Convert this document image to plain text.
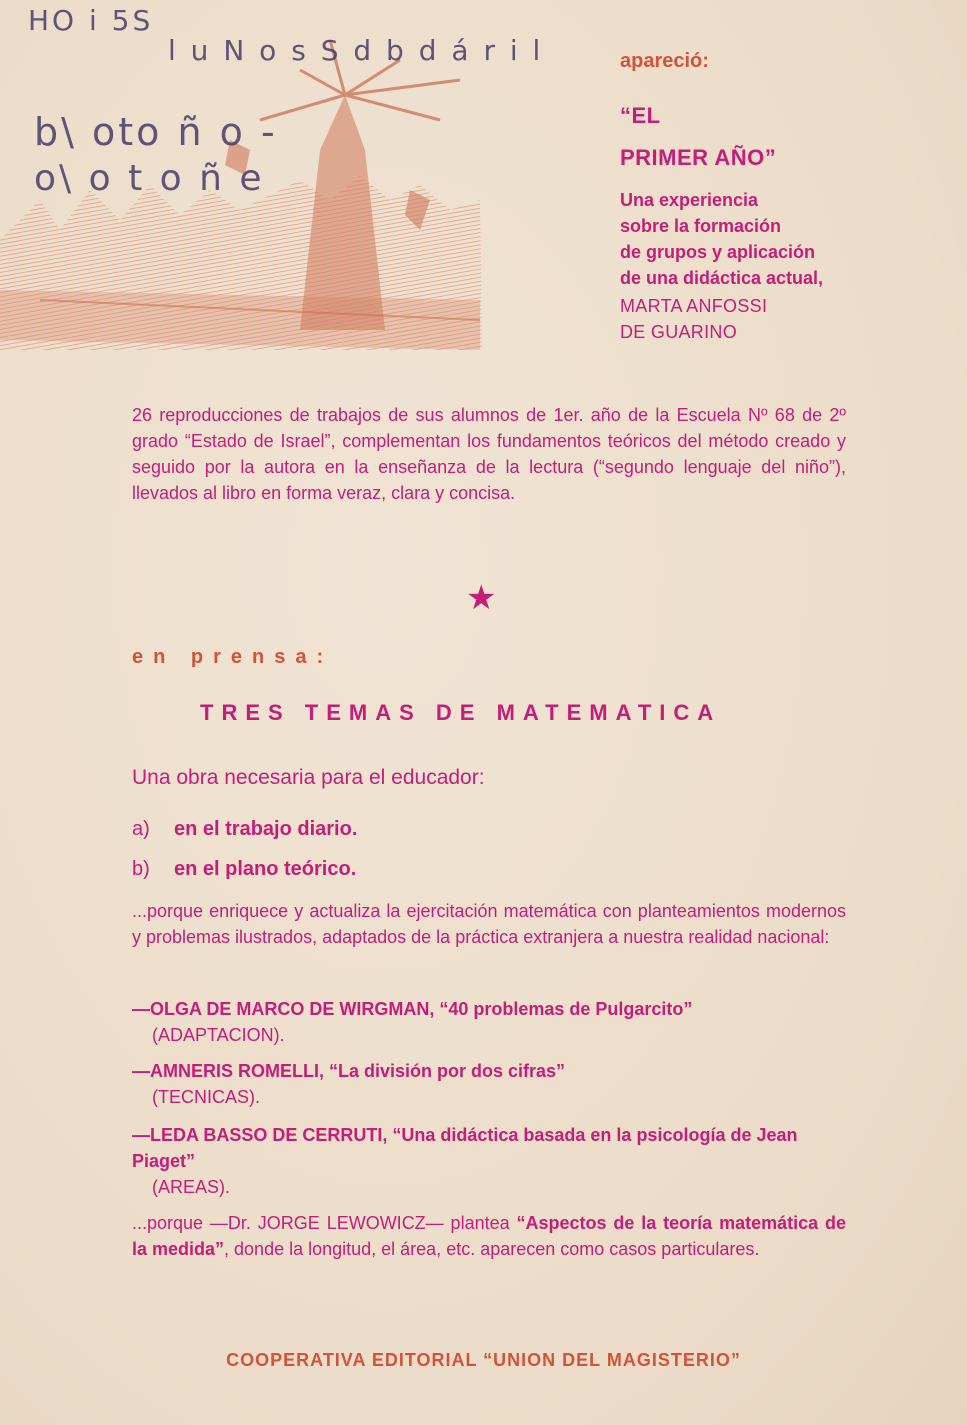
HO i 5S
l u N o s S d b d á r i l
b\ oto ñ o -
o\ o t o ñ e
apareció:
“EL
PRIMER AÑO”
Una experiencia
sobre la formación
de grupos y aplicación
de una didáctica actual,
MARTA ANFOSSI
DE GUARINO
26 reproducciones de trabajos de sus alumnos de 1er. año de la Escuela Nº 68 de 2º grado “Estado de Israel”, complementan los fundamentos teóricos del método creado y seguido por la autora en la enseñanza de la lectura (“segundo lenguaje del niño”), llevados al libro en forma veraz, clara y concisa.
★
en prensa:
TRES TEMAS DE MATEMATICA
Una obra necesaria para el educador:
a) en el trabajo diario.
b) en el plano teórico.
...porque enriquece y actualiza la ejercitación matemática con planteamientos modernos y problemas ilustrados, adaptados de la práctica extranjera a nuestra realidad nacional:
—OLGA DE MARCO DE WIRGMAN, “40 problemas de Pulgarcito”
(ADAPTACION).
—AMNERIS ROMELLI, “La división por dos cifras”
(TECNICAS).
—LEDA BASSO DE CERRUTI, “Una didáctica basada en la psicología de Jean Piaget”
(AREAS).
...porque —Dr. JORGE LEWOWICZ— plantea “Aspectos de la teoría matemática de la medida”, donde la longitud, el área, etc. aparecen como casos particulares.
COOPERATIVA EDITORIAL “UNION DEL MAGISTERIO”
